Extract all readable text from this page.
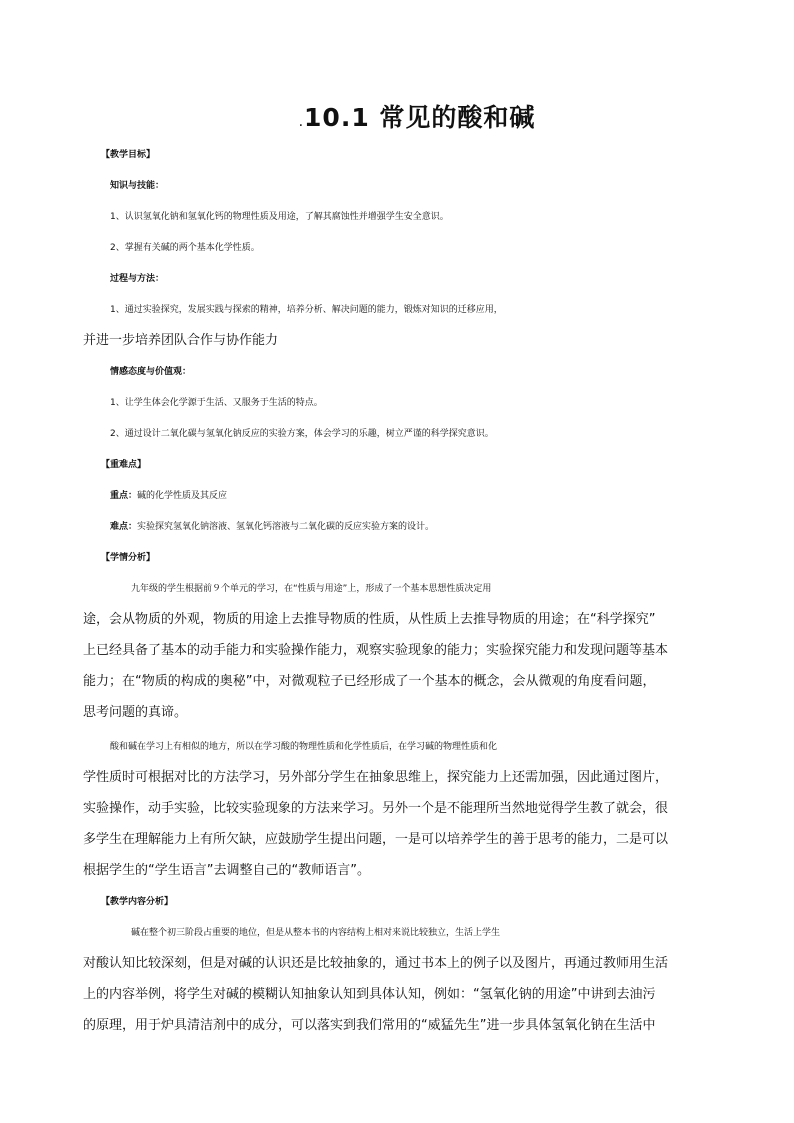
.10.1 常见的酸和碱
【教学目标】
知识与技能：
1、认识氢氧化钠和氢氧化钙的物理性质及用途，了解其腐蚀性并增强学生安全意识。
2、掌握有关碱的两个基本化学性质。
过程与方法：
1、通过实验探究，发展实践与探索的精神，培养分析、解决问题的能力，锻炼对知识的迁移应用，
并进一步培养团队合作与协作能力
情感态度与价值观：
1、让学生体会化学源于生活、又服务于生活的特点。
2、通过设计二氧化碳与氢氧化钠反应的实验方案，体会学习的乐趣，树立严谨的科学探究意识。
【重难点】
重点：碱的化学性质及其反应
难点：实验探究氢氧化钠溶液、氢氧化钙溶液与二氧化碳的反应实验方案的设计。
【学情分析】
九年级的学生根据前９个单元的学习，在“性质与用途”上，形成了一个基本思想性质决定用
途，会从物质的外观，物质的用途上去推导物质的性质，从性质上去推导物质的用途；在“科学探究”
上已经具备了基本的动手能力和实验操作能力，观察实验现象的能力；实验探究能力和发现问题等基本
能力；在“物质的构成的奥秘”中，对微观粒子已经形成了一个基本的概念，会从微观的角度看问题，
思考问题的真谛。
酸和碱在学习上有相似的地方，所以在学习酸的物理性质和化学性质后，在学习碱的物理性质和化
学性质时可根据对比的方法学习，另外部分学生在抽象思维上，探究能力上还需加强，因此通过图片，
实验操作，动手实验，比较实验现象的方法来学习。另外一个是不能理所当然地觉得学生教了就会，很
多学生在理解能力上有所欠缺，应鼓励学生提出问题，一是可以培养学生的善于思考的能力，二是可以
根据学生的“学生语言”去调整自己的“教师语言”。
【教学内容分析】
碱在整个初三阶段占重要的地位，但是从整本书的内容结构上相对来说比较独立，生活上学生
对酸认知比较深刻，但是对碱的认识还是比较抽象的，通过书本上的例子以及图片，再通过教师用生活
上的内容举例，将学生对碱的模糊认知抽象认知到具体认知，例如：“氢氧化钠的用途”中讲到去油污
的原理，用于炉具清洁剂中的成分，可以落实到我们常用的“威猛先生”进一步具体氢氧化钠在生活中
